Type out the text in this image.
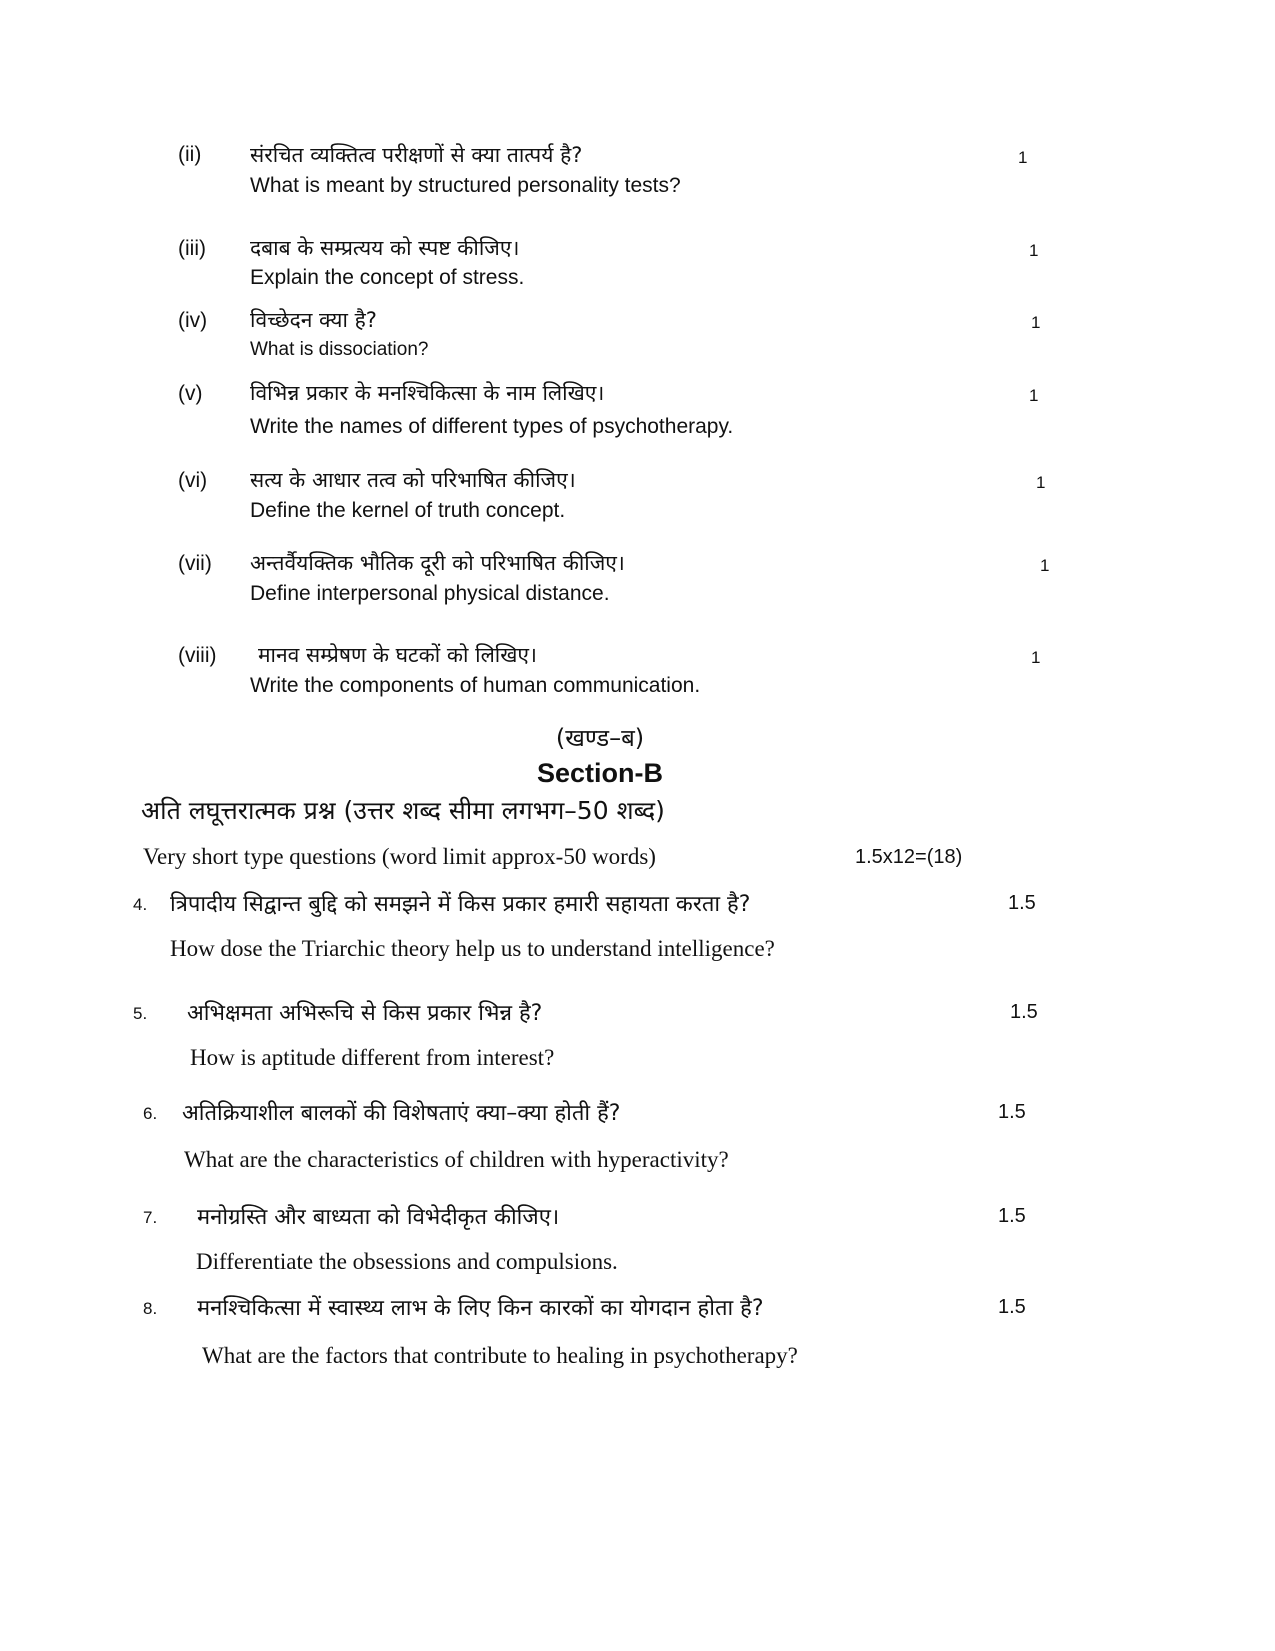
(ii) संरचित व्यक्तित्व परीक्षणों से क्या तात्पर्य है?
What is meant by structured personality tests?
1
(iii) दबाब के सम्प्रत्यय को स्पष्ट कीजिए।
Explain the concept of stress.
1
(iv) विच्छेदन क्या है?
What is dissociation?
1
(v) विभिन्न प्रकार के मनश्चिकित्सा के नाम लिखिए।
Write the names of different types of psychotherapy.
1
(vi) सत्य के आधार तत्व को परिभाषित कीजिए।
Define the kernel of truth concept.
1
(vii) अन्तर्वैयक्तिक भौतिक दूरी को परिभाषित कीजिए।
Define interpersonal physical distance.
1
(viii) मानव सम्प्रेषण के घटकों को लिखिए।
Write the components of human communication.
1
(खण्ड–ब)
Section-B
अति लघूत्तरात्मक प्रश्न (उत्तर शब्द सीमा लगभग–50 शब्द)
Very short type questions (word limit approx-50 words)	1.5x12=(18)
4. त्रिपादीय सिद्वान्त बुद्दि को समझने में किस प्रकार हमारी सहायता करता है?
How dose the Triarchic theory help us to understand intelligence?
1.5
5. अभिक्षमता अभिरूचि से किस प्रकार भिन्न है?
How is aptitude different from interest?
1.5
6. अतिक्रियाशील बालकों की विशेषताएं क्या–क्या होती हैं?
What are the characteristics of children with hyperactivity?
1.5
7. मनोग्रस्ति और बाध्यता को विभेदीकृत कीजिए।
Differentiate the obsessions and compulsions.
1.5
8. मनश्चिकित्सा में स्वास्थ्य लाभ के लिए किन कारकों का योगदान होता है?
What are the factors that contribute to healing in psychotherapy?
1.5
